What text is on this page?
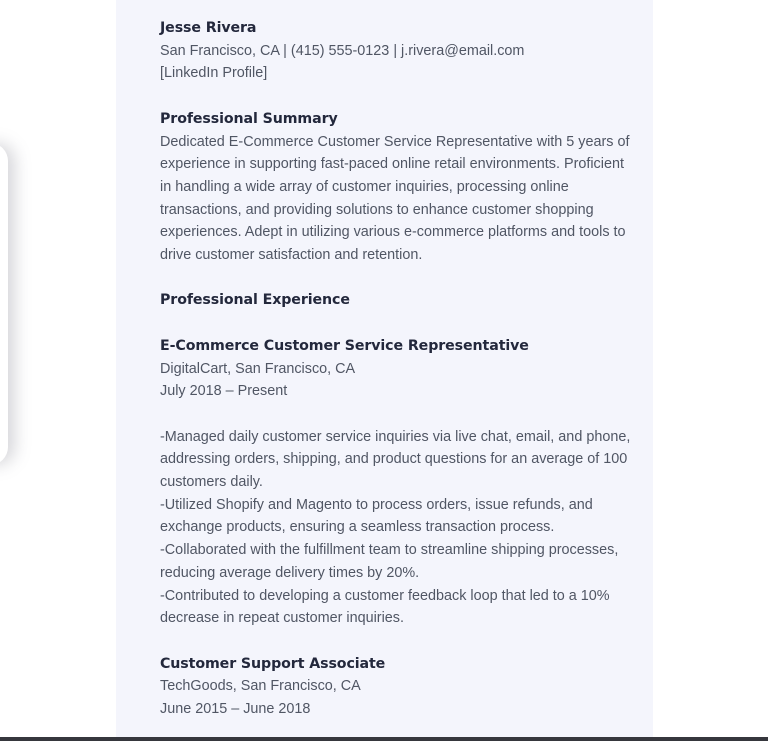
Jesse Rivera
San Francisco, CA | (415) 555-0123 | j.rivera@email.com
[LinkedIn Profile]
Professional Summary
Dedicated E-Commerce Customer Service Representative with 5 years of experience in supporting fast-paced online retail environments. Proficient in handling a wide array of customer inquiries, processing online transactions, and providing solutions to enhance customer shopping experiences. Adept in utilizing various e-commerce platforms and tools to drive customer satisfaction and retention.
Professional Experience
E-Commerce Customer Service Representative
DigitalCart, San Francisco, CA
July 2018 – Present
-Managed daily customer service inquiries via live chat, email, and phone, addressing orders, shipping, and product questions for an average of 100 customers daily.
-Utilized Shopify and Magento to process orders, issue refunds, and exchange products, ensuring a seamless transaction process.
-Collaborated with the fulfillment team to streamline shipping processes, reducing average delivery times by 20%.
-Contributed to developing a customer feedback loop that led to a 10% decrease in repeat customer inquiries.
Customer Support Associate
TechGoods, San Francisco, CA
June 2015 – June 2018
